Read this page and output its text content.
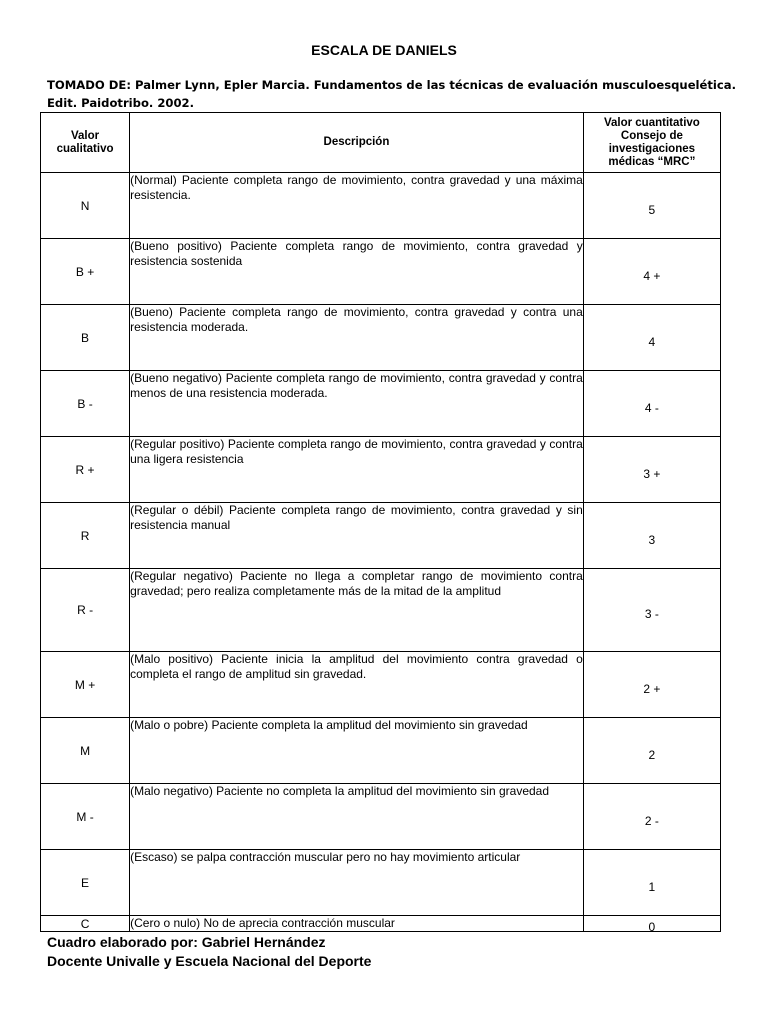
ESCALA DE DANIELS
TOMADO DE: Palmer Lynn, Epler Marcia. Fundamentos de las técnicas de evaluación musculoesquelética.
Edit. Paidotribo. 2002.
Valor cualitativo	Descripción	Valor cuantitativo Consejo de investigaciones médicas “MRC”
N	(Normal) Paciente completa rango de movimiento, contra gravedad y una máxima resistencia.	5
B +	(Bueno positivo) Paciente completa rango de movimiento, contra gravedad y resistencia sostenida	4 +
B	(Bueno) Paciente completa rango de movimiento, contra gravedad y contra una resistencia moderada.	4
B -	(Bueno negativo) Paciente completa rango de movimiento, contra gravedad y contra menos de una resistencia moderada.	4 -
R +	(Regular positivo) Paciente completa rango de movimiento, contra gravedad y contra una ligera resistencia	3 +
R	(Regular o débil) Paciente completa rango de movimiento, contra gravedad y sin resistencia manual	3
R -	(Regular negativo) Paciente no llega a completar rango de movimiento contra gravedad; pero realiza completamente más de la mitad de la amplitud	3 -
M +	(Malo positivo) Paciente inicia la amplitud del movimiento contra gravedad o completa el rango de amplitud sin gravedad.	2 +
M	(Malo o pobre) Paciente completa la amplitud del movimiento sin gravedad	2
M -	(Malo negativo) Paciente no completa la amplitud del movimiento sin gravedad	2 -
E	(Escaso) se palpa contracción muscular pero no hay movimiento articular	1
C	(Cero o nulo) No de aprecia contracción muscular	0
Cuadro elaborado por: Gabriel Hernández
Docente Univalle y Escuela Nacional del Deporte
